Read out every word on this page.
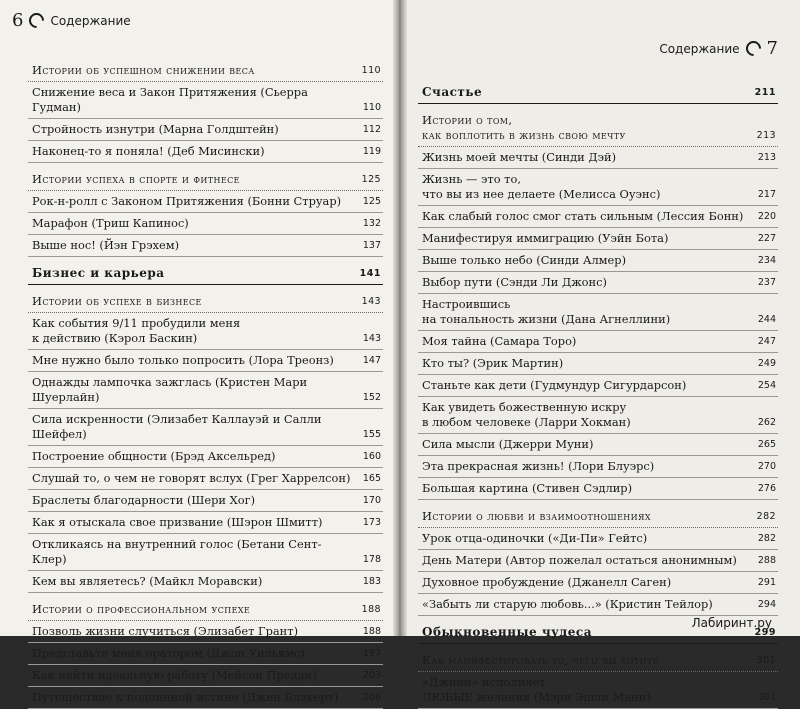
6 Содержание
Истории об успешном снижении веса	110
Снижение веса и Закон Притяжения (Сьерра Гудман)	110
Стройность изнутри (Марна Голдштейн)	112
Наконец-то я поняла! (Деб Мисински)	119
Истории успеха в спорте и фитнесе	125
Рок-н-ролл с Законом Притяжения (Бонни Струар)	125
Марафон (Триш Капинос)	132
Выше нос! (Йэн Грэхем)	137
Бизнес и карьера	141
Истории об успехе в бизнесе	143
Как события 9/11 пробудили меня
к действию (Кэрол Баскин)	143
Мне нужно было только попросить (Лора Треонз)	147
Однажды лампочка зажглась (Кристен Мари Шуерлайн)	152
Сила искренности (Элизабет Каллауэй и Салли Шейфел)	155
Построение общности (Брэд Аксельред)	160
Слушай то, о чем не говорят вслух (Грег Харрелсон) 165
Браслеты благодарности (Шери Хог)	170
Как я отыскала свое призвание (Шэрон Шмитт)	173
Откликаясь на внутренний голос (Бетани Сент-Клер)	178
Кем вы являетесь? (Майкл Моравски)	183
Истории о профессиональном успехе	188
Позволь жизни случиться (Элизабет Грант)	188
Представьте меня оратором (Джон Уильямс)	197
Как найти идеальную работу (Мейсон Предди)	203
Путешествие к подлинной истине (Джен Блэкерт)	206
Содержание 7
Счастье	211
Истории о том,
как воплотить в жизнь свою мечту	213
Жизнь моей мечты (Синди Дэй)	213
Жизнь — это то,
что вы из нее делаете (Мелисса Оуэнс)	217
Как слабый голос смог стать сильным (Лессия Бонн)	220
Манифестируя иммиграцию (Уэйн Бота)	227
Выше только небо (Синди Алмер)	234
Выбор пути (Сэнди Ли Джонс)	237
Настроившись
на тональность жизни (Дана Агнеллини)	244
Моя тайна (Самара Торо)	247
Кто ты? (Эрик Мартин)	249
Станьте как дети (Гудмундур Сигурдарсон)	254
Как увидеть божественную искру
в любом человеке (Ларри Хокман)	262
Сила мысли (Джерри Муни)	265
Эта прекрасная жизнь! (Лори Блуэрс)	270
Большая картина (Стивен Сэдлир)	276
Истории о любви и взаимоотношениях	282
Урок отца-одиночки («Ди-Пи» Гейтс)	282
День Матери (Автор пожелал остаться анонимным)	288
Духовное пробуждение (Джанелл Саген)	291
«Забыть ли старую любовь...» (Кристин Тейлор)	294
Обыкновенные чудеса	299
Как манифестировать то, чего вы хотите	301
«Джинн» исполняет
ЛЮБЫЕ желания (Мэри Эшли Манн)	301
Лабиринт.ру
